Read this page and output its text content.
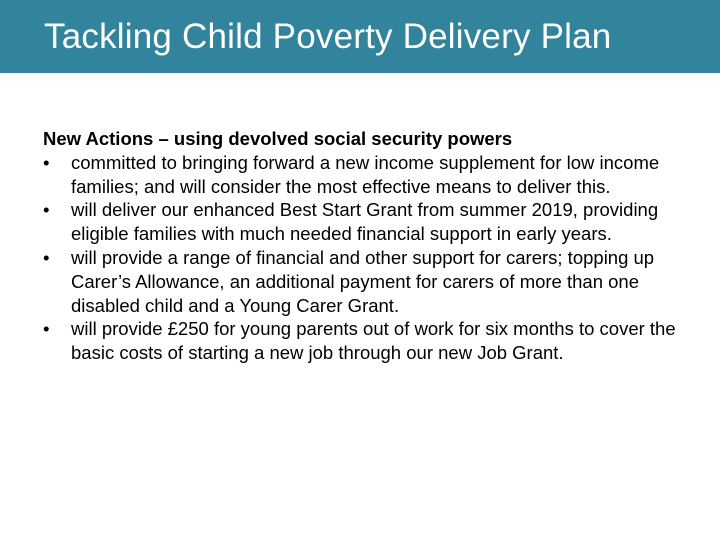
Tackling Child Poverty Delivery Plan
New Actions – using devolved social security powers
•	committed to bringing forward a new income supplement for low income families; and will consider the most effective means to deliver this.
•	will deliver our enhanced Best Start Grant from summer 2019, providing eligible families with much needed financial support in early years.
•	will provide a range of financial and other support for carers; topping up Carer’s Allowance, an additional payment for carers of more than one disabled child and a Young Carer Grant.
•	will provide £250 for young parents out of work for six months to cover the basic costs of starting a new job through our new Job Grant.
